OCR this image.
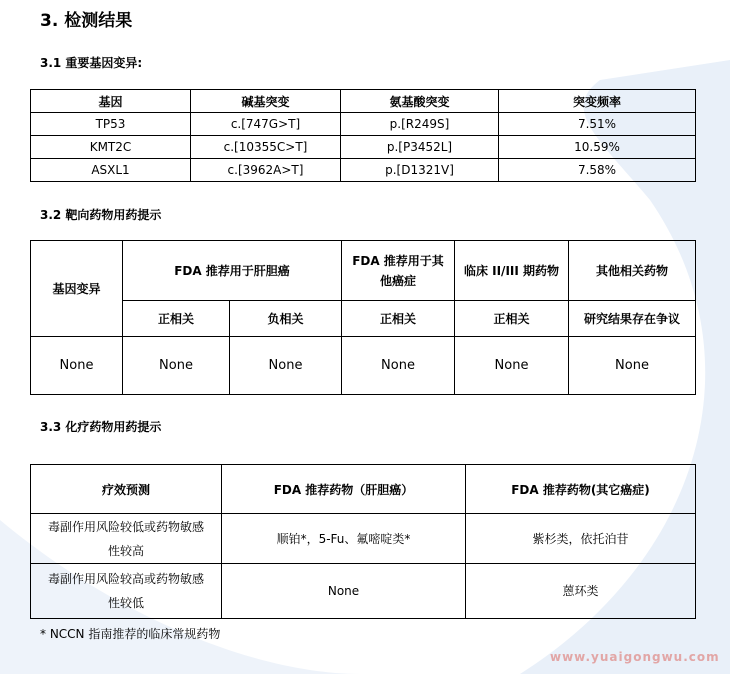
3. 检测结果
3.1 重要基因变异:
基因	碱基突变	氨基酸突变	突变频率
TP53	c.[747G>T]	p.[R249S]	7.51%
KMT2C	c.[10355C>T]	p.[P3452L]	10.59%
ASXL1	c.[3962A>T]	p.[D1321V]	7.58%
3.2 靶向药物用药提示
基因变异	FDA 推荐用于肝胆癌		FDA 推荐用于其他癌症	临床 II/III 期药物	其他相关药物
	正相关	负相关	正相关	正相关	研究结果存在争议
None	None	None	None	None	None
3.3 化疗药物用药提示
疗效预测	FDA 推荐药物（肝胆癌）	FDA 推荐药物(其它癌症)
毒副作用风险较低或药物敏感性较高	顺铂*，5-Fu、氟嘧啶类*	紫杉类，依托泊苷
毒副作用风险较高或药物敏感性较低	None	蒽环类
* NCCN 指南推荐的临床常规药物
www.yuaigongwu.com
